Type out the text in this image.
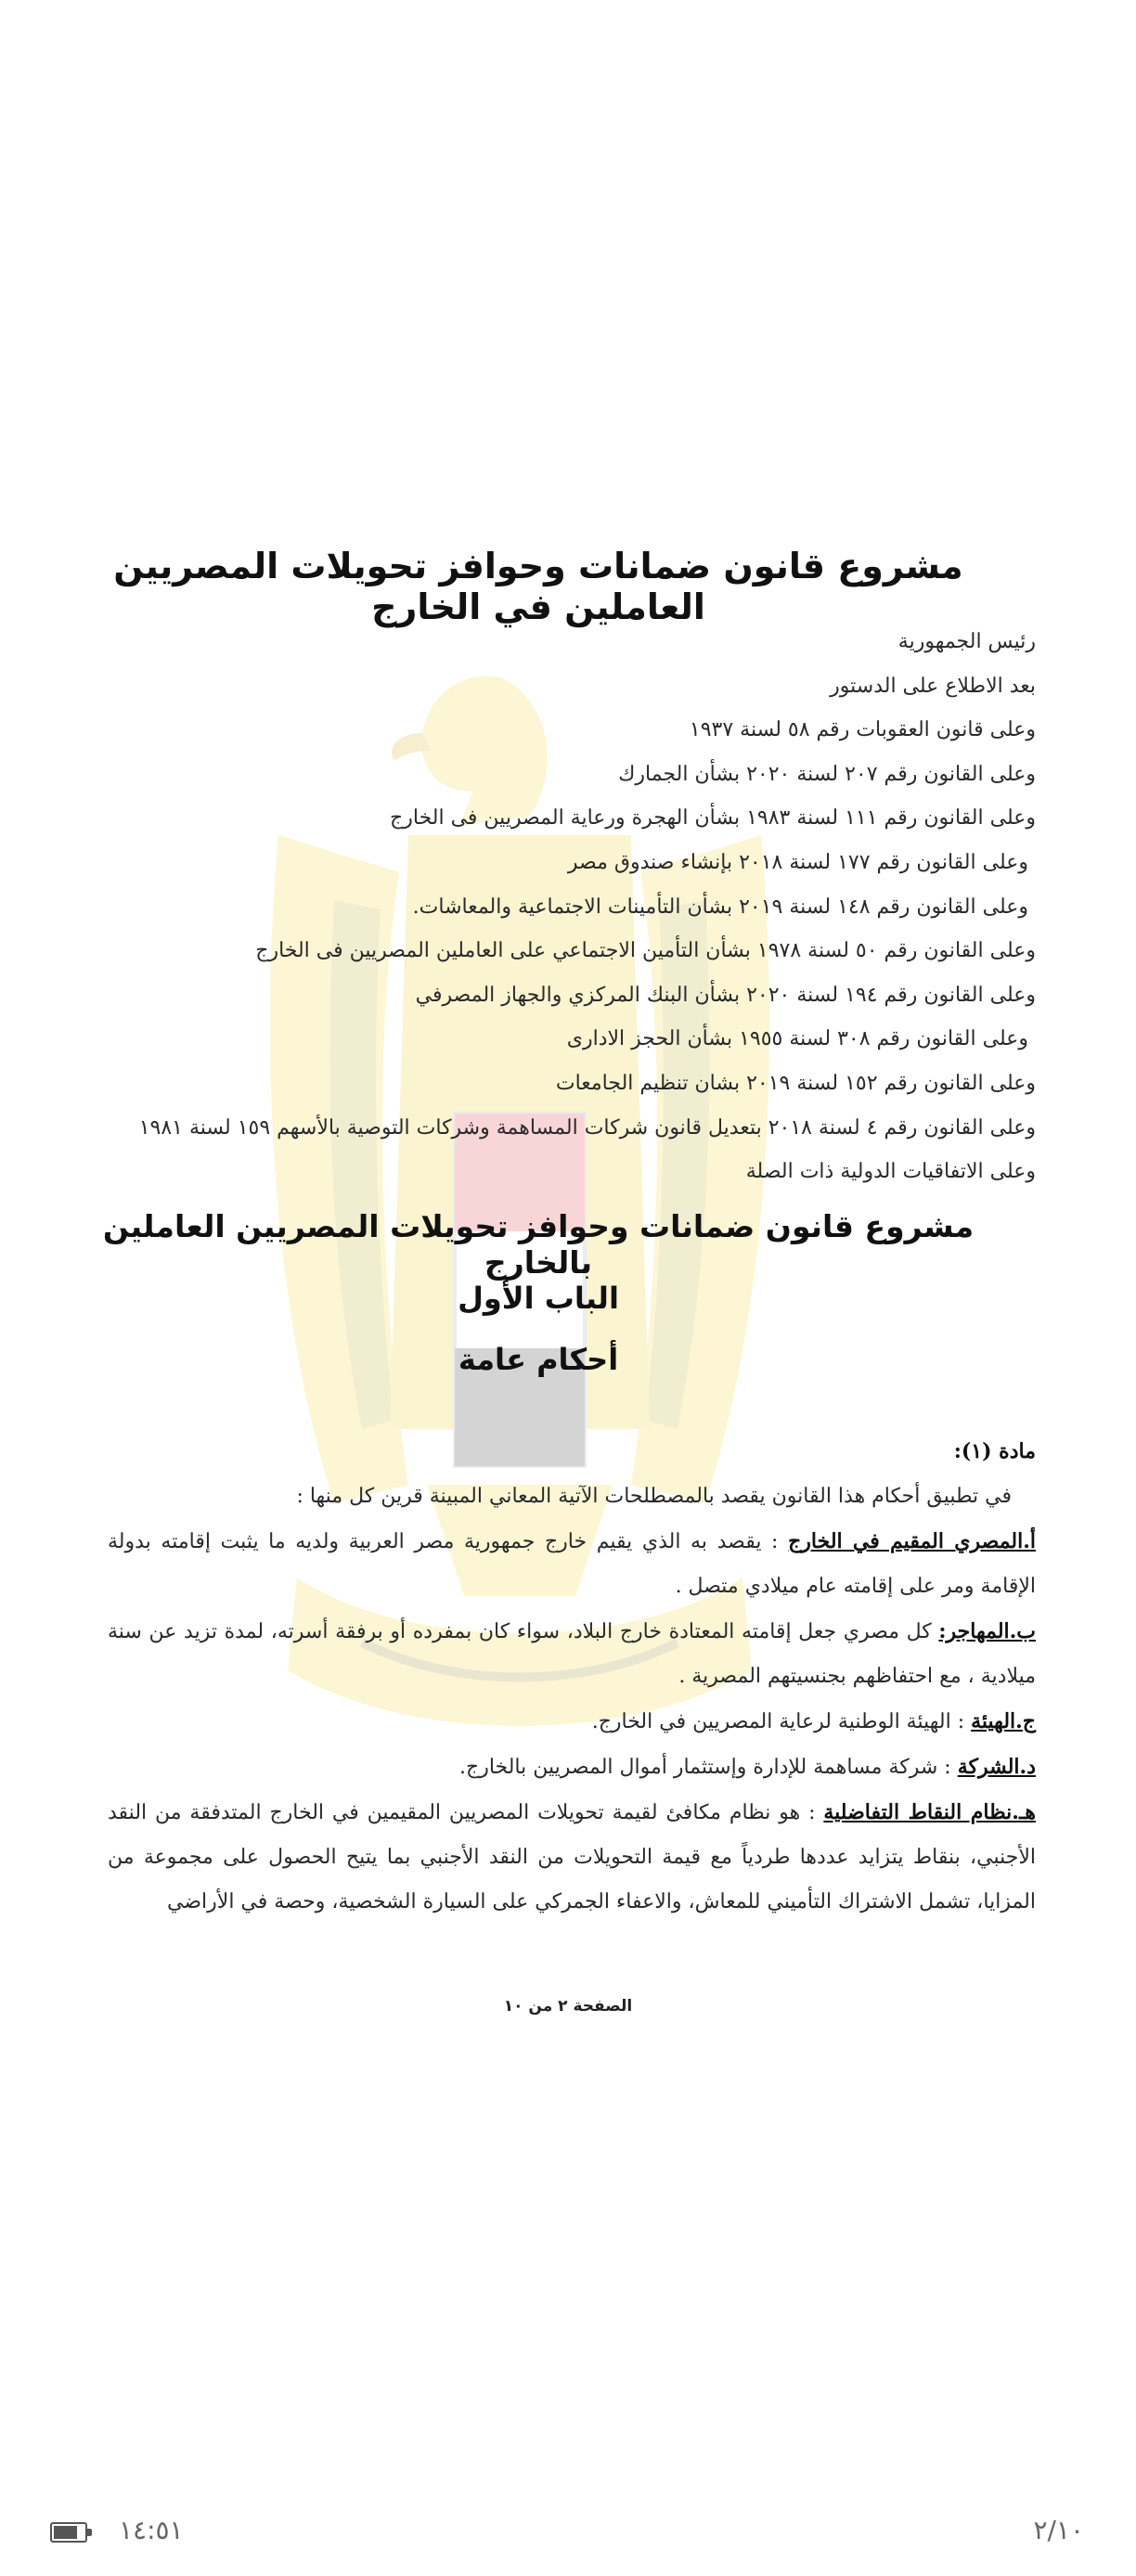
مشروع قانون ضمانات وحوافز تحويلات المصريين العاملين في الخارج
رئيس الجمهورية
بعد الاطلاع على الدستور
وعلى قانون العقوبات رقم ٥٨ لسنة ١٩٣٧
وعلى القانون رقم ٢٠٧ لسنة ٢٠٢٠ بشأن الجمارك
وعلى القانون رقم ١١١ لسنة ١٩٨٣ بشأن الهجرة ورعاية المصريين فى الخارج
وعلى القانون رقم ١٧٧ لسنة ٢٠١٨ بإنشاء صندوق مصر
وعلى القانون رقم ١٤٨ لسنة ٢٠١٩ بشأن التأمينات الاجتماعية والمعاشات.
وعلى القانون رقم ٥٠ لسنة ١٩٧٨ بشأن التأمين الاجتماعي على العاملين المصريين فى الخارج
وعلى القانون رقم ١٩٤ لسنة ٢٠٢٠ بشأن البنك المركزي والجهاز المصرفي
وعلى القانون رقم ٣٠٨ لسنة ١٩٥٥ بشأن الحجز الادارى
وعلى القانون رقم ١٥٢ لسنة ٢٠١٩ بشان تنظيم الجامعات
وعلى القانون رقم ٤ لسنة ٢٠١٨ بتعديل قانون شركات المساهمة وشركات التوصية بالأسهم ١٥٩ لسنة ١٩٨١
وعلى الاتفاقيات الدولية ذات الصلة
مشروع قانون ضمانات وحوافز تحويلات المصريين العاملين بالخارج
الباب الأول
أحكام عامة
مادة (١):
في تطبيق أحكام هذا القانون يقصد بالمصطلحات الآتية المعاني المبينة قرين كل منها :
أ.المصري المقيم في الخارج : يقصد به الذي يقيم خارج جمهورية مصر العربية ولديه ما يثبت إقامته بدولة الإقامة ومر على إقامته عام ميلادي متصل .
ب.المهاجر: كل مصري جعل إقامته المعتادة خارج البلاد، سواء كان بمفرده أو برفقة أسرته، لمدة تزيد عن سنة ميلادية ، مع احتفاظهم بجنسيتهم المصرية .
ج.الهيئة : الهيئة الوطنية لرعاية المصريين في الخارج.
د.الشركة : شركة مساهمة للإدارة وإستثمار أموال المصريين بالخارج.
هـ.نظام النقاط التفاضلية : هو نظام مكافئ لقيمة تحويلات المصريين المقيمين في الخارج المتدفقة من النقد الأجنبي، بنقاط يتزايد عددها طردياً مع قيمة التحويلات من النقد الأجنبي بما يتيح الحصول على مجموعة من المزايا، تشمل الاشتراك التأميني للمعاش، والاعفاء الجمركي على السيارة الشخصية، وحصة في الأراضي
الصفحة ٢ من ١٠
١٤:٥١	٢/١٠
